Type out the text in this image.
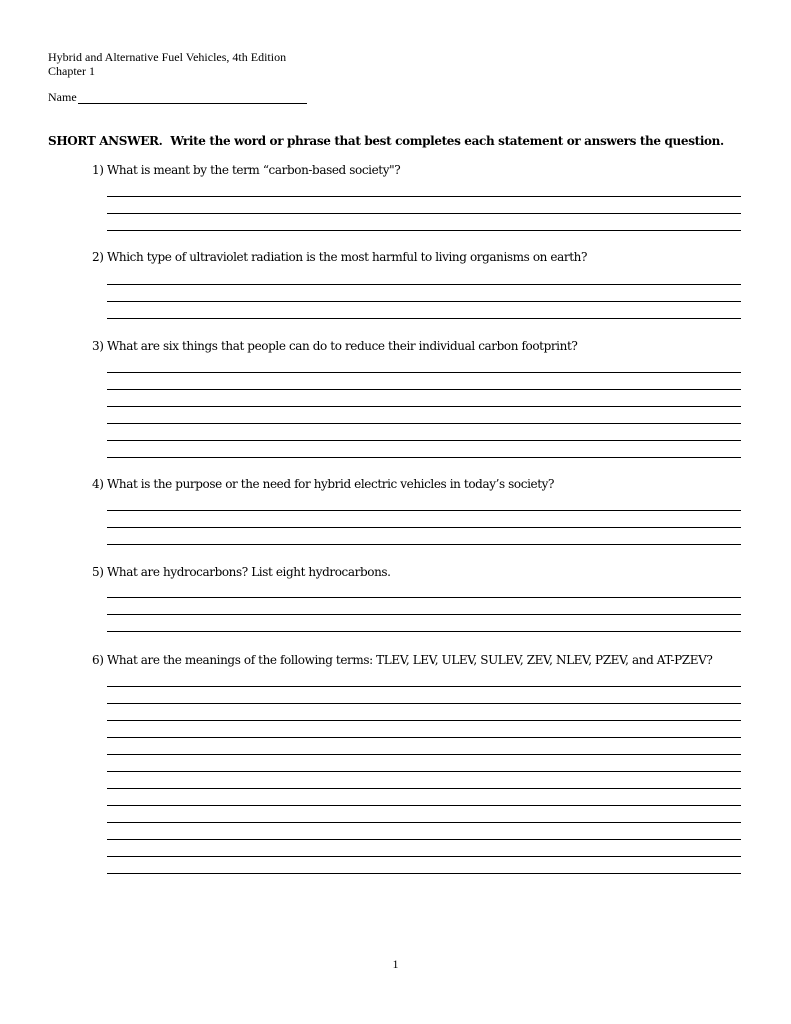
Hybrid and Alternative Fuel Vehicles, 4th Edition
Chapter 1
Name
SHORT ANSWER. Write the word or phrase that best completes each statement or answers the question.
1) What is meant by the term “carbon-based society"?
2) Which type of ultraviolet radiation is the most harmful to living organisms on earth?
3) What are six things that people can do to reduce their individual carbon footprint?
4) What is the purpose or the need for hybrid electric vehicles in today’s society?
5) What are hydrocarbons? List eight hydrocarbons.
6) What are the meanings of the following terms: TLEV, LEV, ULEV, SULEV, ZEV, NLEV, PZEV, and AT-PZEV?
1
